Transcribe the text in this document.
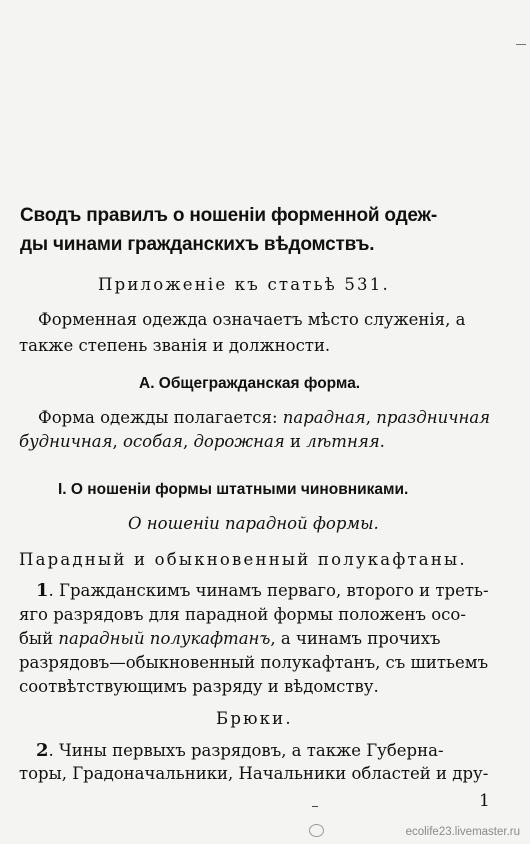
Сводъ правилъ о ношеніи форменной одеж-
ды чинами гражданскихъ вѣдомствъ.
Приложеніе къ статьѣ 531.
Форменная одежда означаетъ мѣсто служенія, а
также степень званія и должности.
А. Общегражданская форма.
Форма одежды полагается: парадная, праздничная
будничная, особая, дорожная и лѣтняя.
I. О ношеніи формы штатными чиновниками.
О ношеніи парадной формы.
Парадный и обыкновенный полукафтаны.
1. Гражданскимъ чинамъ перваго, второго и треть-
яго разрядовъ для парадной формы положенъ осо-
бый парадный полукафтанъ, а чинамъ прочихъ
разрядовъ—обыкновенный полукафтанъ, съ шитьемъ
соотвѣтствующимъ разряду и вѣдомству.
Брюки.
2. Чины первыхъ разрядовъ, а также Губерна-
торы, Градоначальники, Начальники областей и дру-
1
ecolife23.livemaster.ru
